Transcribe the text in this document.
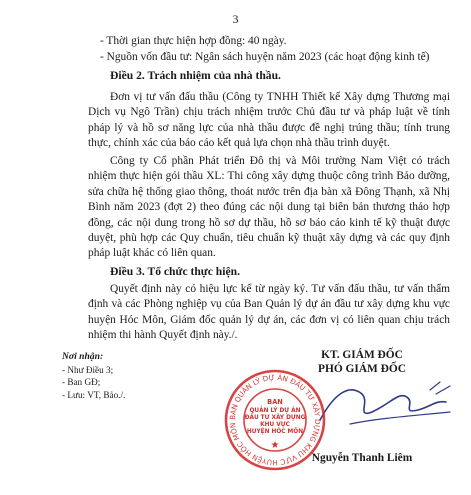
3
- Thời gian thực hiện hợp đồng: 40 ngày.
- Nguồn vốn đầu tư: Ngân sách huyện năm 2023 (các hoạt động kinh tế)
Điều 2. Trách nhiệm của nhà thầu.
Đơn vị tư vấn đấu thầu (Công ty TNHH Thiết kế Xây dựng Thương mại Dịch vụ Ngô Trần) chịu trách nhiệm trước Chủ đầu tư và pháp luật về tính pháp lý và hồ sơ năng lực của nhà thầu được đề nghị trúng thầu; tính trung thực, chính xác của báo cáo kết quả lựa chọn nhà thầu trình duyệt.
Công ty Cổ phần Phát triển Đô thị và Môi trường Nam Việt có trách nhiệm thực hiện gói thầu XL: Thi công xây dựng thuộc công trình Bảo dưỡng, sửa chữa hệ thống giao thông, thoát nước trên địa bàn xã Đông Thạnh, xã Nhị Bình năm 2023 (đợt 2) theo đúng các nội dung tại biên bản thương thảo hợp đồng, các nội dung trong hồ sơ dự thầu, hồ sơ báo cáo kinh tế kỹ thuật được duyệt, phù hợp các Quy chuẩn, tiêu chuẩn kỹ thuật xây dựng và các quy định pháp luật khác có liên quan.
Điều 3. Tổ chức thực hiện.
Quyết định này có hiệu lực kể từ ngày ký. Tư vấn đấu thầu, tư vấn thẩm định và các Phòng nghiệp vụ của Ban Quản lý dự án đầu tư xây dựng khu vực huyện Hóc Môn, Giám đốc quản lý dự án, các đơn vị có liên quan chịu trách nhiệm thi hành Quyết định này./.
Nơi nhận:
- Như Điều 3;
- Ban GĐ;
- Lưu: VT, Bảo./.
KT. GIÁM ĐỐC
PHÓ GIÁM ĐỐC
BAN QUẢN LÝ DỰ ÁN ĐẦU TƯ XÂY DỰNG KHU VỰC HUYỆN HÓC MÔN
BAN
QUẢN LÝ DỰ ÁN
ĐẦU TƯ XÂY DỰNG
KHU VỰC
HUYỆN HÓC MÔN
★
Nguyễn Thanh Liêm
